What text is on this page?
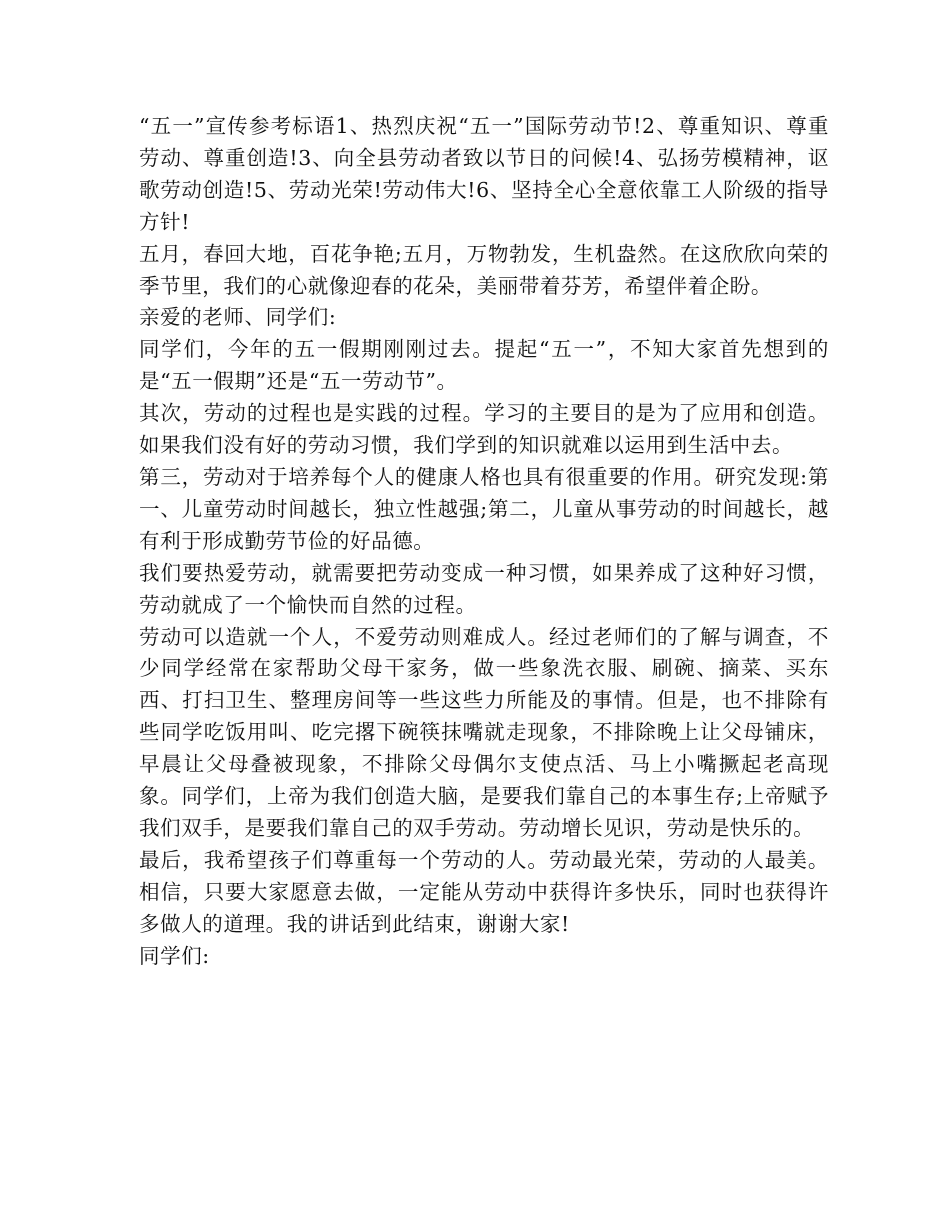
“五一”宣传参考标语1、热烈庆祝“五一”国际劳动节!2、尊重知识、尊重劳动、尊重创造!3、向全县劳动者致以节日的问候!4、弘扬劳模精神，讴歌劳动创造!5、劳动光荣!劳动伟大!6、坚持全心全意依靠工人阶级的指导方针!

五月，春回大地，百花争艳;五月，万物勃发，生机盎然。在这欣欣向荣的季节里，我们的心就像迎春的花朵，美丽带着芬芳，希望伴着企盼。

亲爱的老师、同学们:

同学们，今年的五一假期刚刚过去。提起“五一”，不知大家首先想到的是“五一假期”还是“五一劳动节”。

其次，劳动的过程也是实践的过程。学习的主要目的是为了应用和创造。如果我们没有好的劳动习惯，我们学到的知识就难以运用到生活中去。

第三，劳动对于培养每个人的健康人格也具有很重要的作用。研究发现:第一、儿童劳动时间越长，独立性越强;第二，儿童从事劳动的时间越长，越有利于形成勤劳节俭的好品德。

我们要热爱劳动，就需要把劳动变成一种习惯，如果养成了这种好习惯，劳动就成了一个愉快而自然的过程。

劳动可以造就一个人，不爱劳动则难成人。经过老师们的了解与调查，不少同学经常在家帮助父母干家务，做一些象洗衣服、刷碗、摘菜、买东西、打扫卫生、整理房间等一些这些力所能及的事情。但是，也不排除有些同学吃饭用叫、吃完撂下碗筷抹嘴就走现象，不排除晚上让父母铺床，早晨让父母叠被现象，不排除父母偶尔支使点活、马上小嘴撅起老高现象。同学们，上帝为我们创造大脑，是要我们靠自己的本事生存;上帝赋予我们双手，是要我们靠自己的双手劳动。劳动增长见识，劳动是快乐的。

最后，我希望孩子们尊重每一个劳动的人。劳动最光荣，劳动的人最美。相信，只要大家愿意去做，一定能从劳动中获得许多快乐，同时也获得许多做人的道理。我的讲话到此结束，谢谢大家!

同学们:
